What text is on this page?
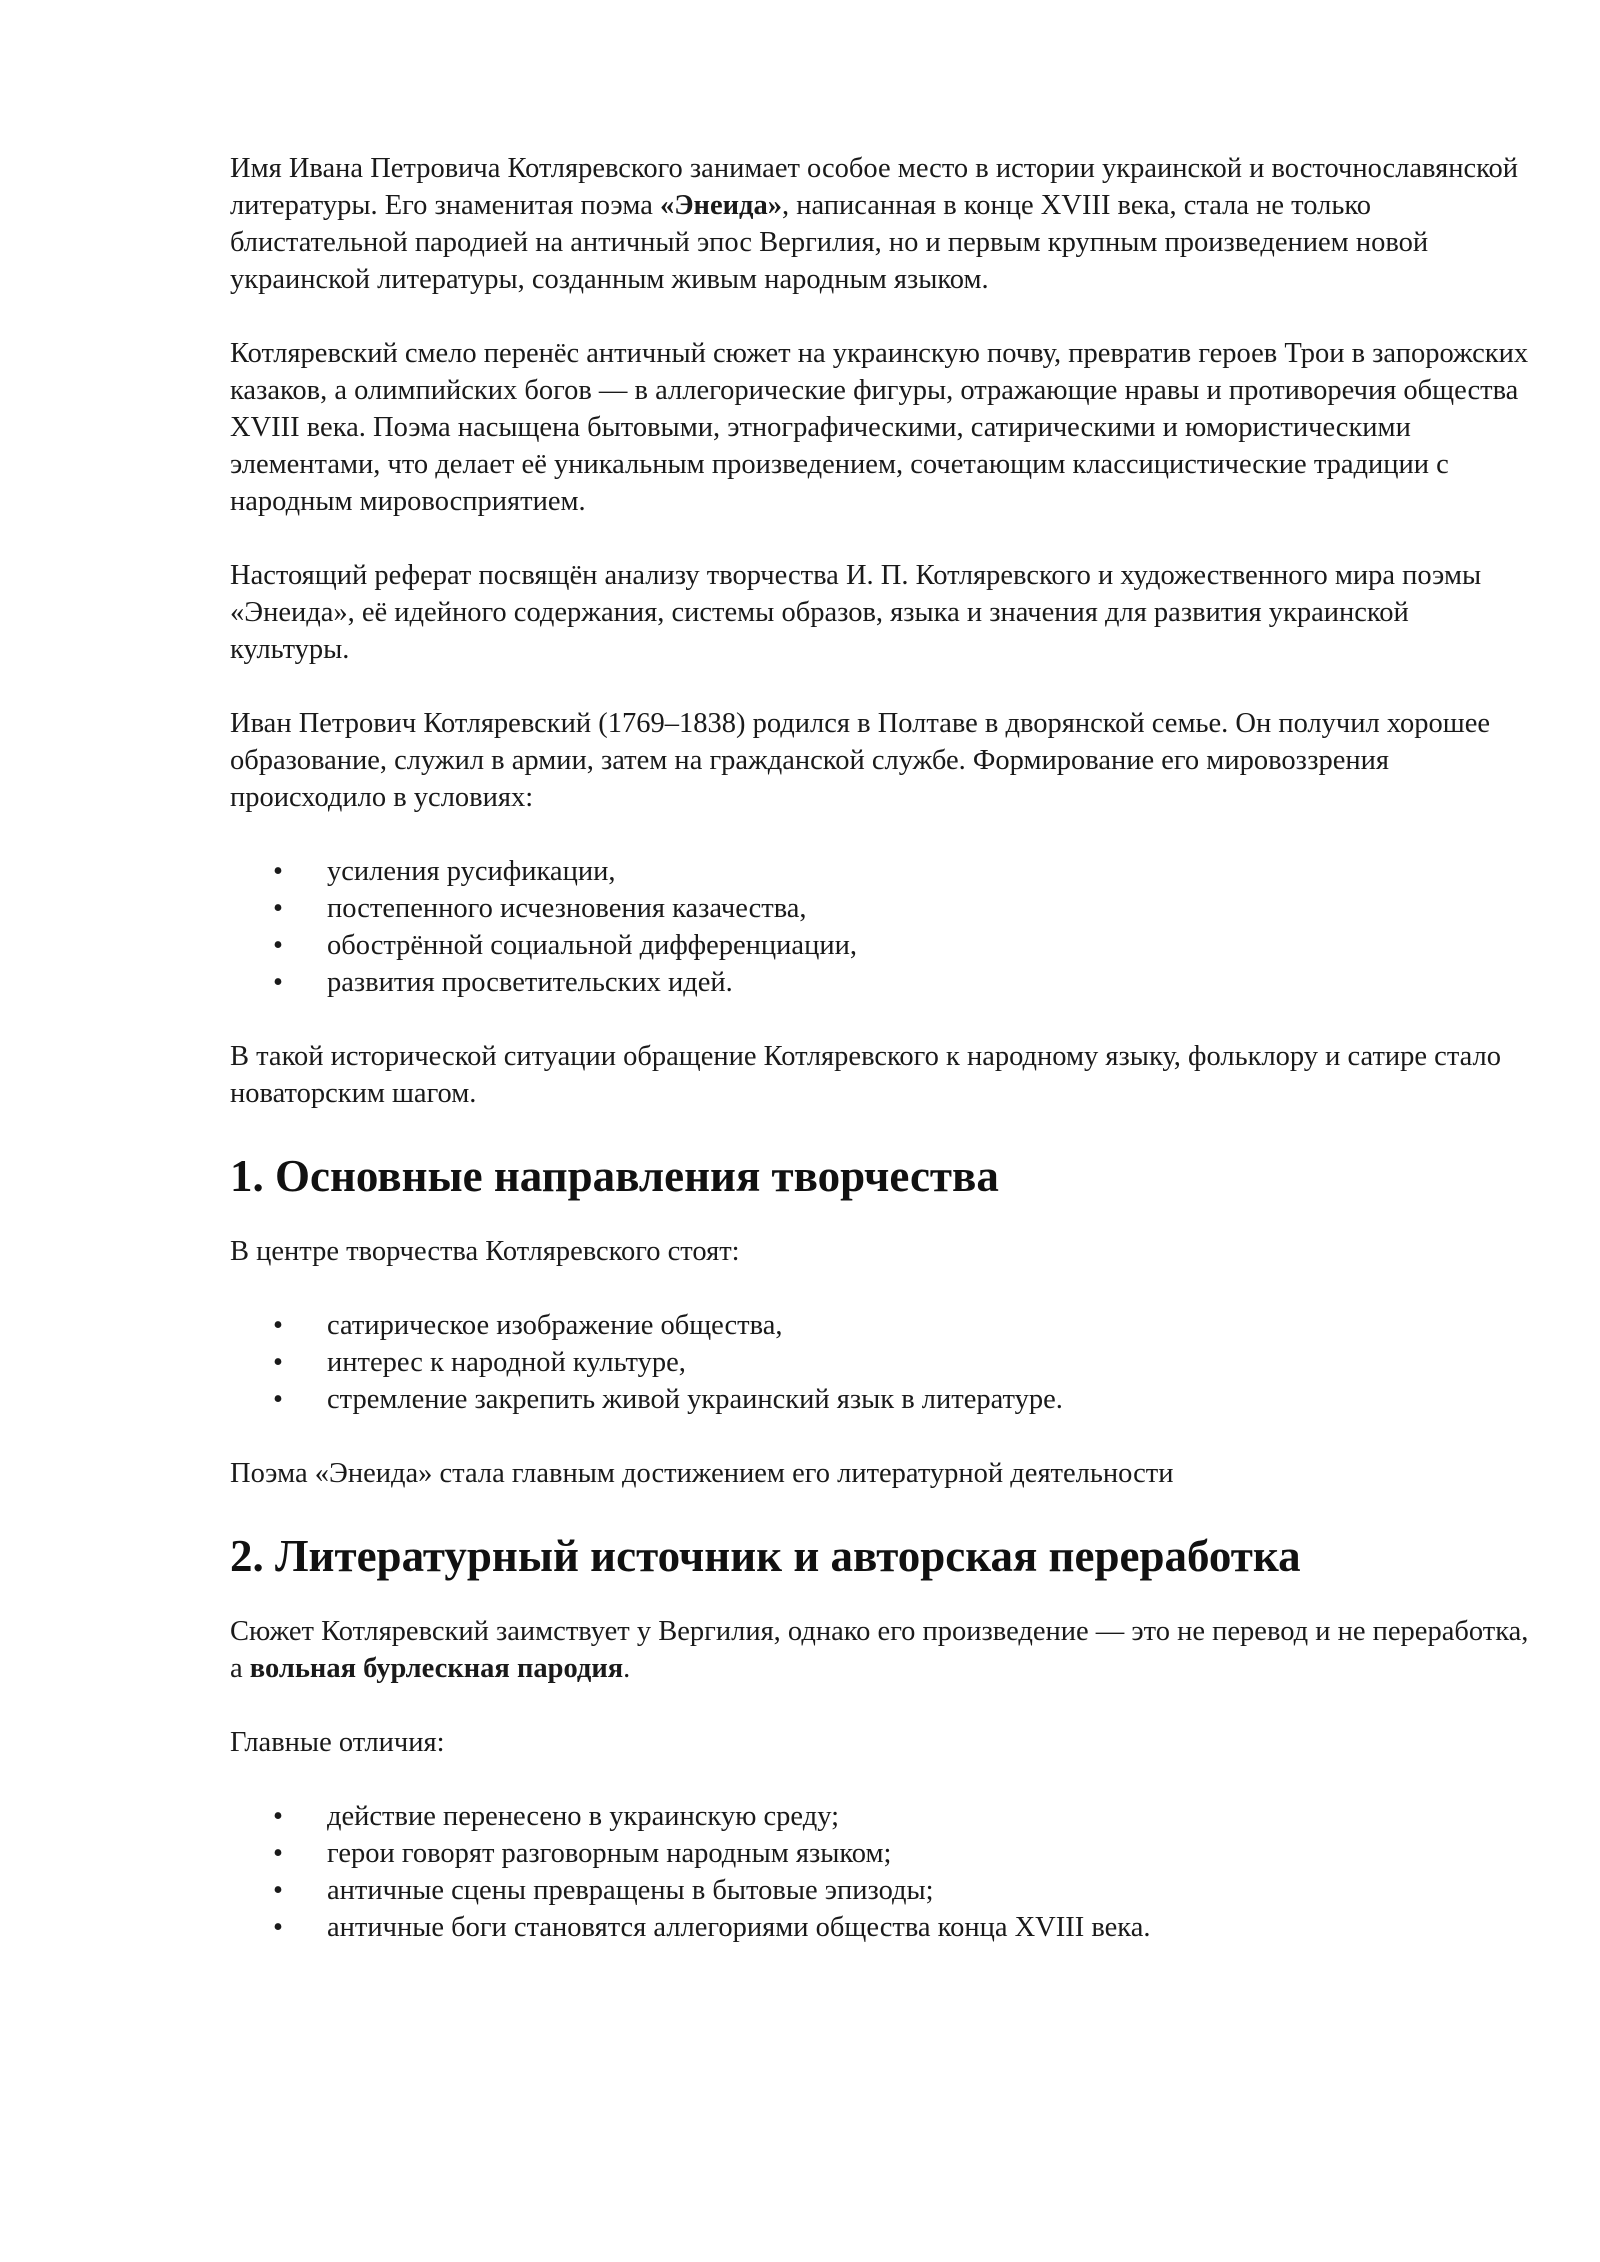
Имя Ивана Петровича Котляревского занимает особое место в истории украинской и восточнославянской литературы. Его знаменитая поэма «Энеида», написанная в конце XVIII века, стала не только блистательной пародией на античный эпос Вергилия, но и первым крупным произведением новой украинской литературы, созданным живым народным языком.

Котляревский смело перенёс античный сюжет на украинскую почву, превратив героев Трои в запорожских казаков, а олимпийских богов — в аллегорические фигуры, отражающие нравы и противоречия общества XVIII века. Поэма насыщена бытовыми, этнографическими, сатирическими и юмористическими элементами, что делает её уникальным произведением, сочетающим классицистические традиции с народным мировосприятием.

Настоящий реферат посвящён анализу творчества И. П. Котляревского и художественного мира поэмы «Энеида», её идейного содержания, системы образов, языка и значения для развития украинской культуры.

Иван Петрович Котляревский (1769–1838) родился в Полтаве в дворянской семье. Он получил хорошее образование, служил в армии, затем на гражданской службе. Формирование его мировоззрения происходило в условиях:

• усиления русификации,
• постепенного исчезновения казачества,
• обострённой социальной дифференциации,
• развития просветительских идей.

В такой исторической ситуации обращение Котляревского к народному языку, фольклору и сатире стало новаторским шагом.

1. Основные направления творчества

В центре творчества Котляревского стоят:

• сатирическое изображение общества,
• интерес к народной культуре,
• стремление закрепить живой украинский язык в литературе.

Поэма «Энеида» стала главным достижением его литературной деятельности

2. Литературный источник и авторская переработка

Сюжет Котляревский заимствует у Вергилия, однако его произведение — это не перевод и не переработка, а вольная бурлескная пародия.

Главные отличия:

• действие перенесено в украинскую среду;
• герои говорят разговорным народным языком;
• античные сцены превращены в бытовые эпизоды;
• античные боги становятся аллегориями общества конца XVIII века.
